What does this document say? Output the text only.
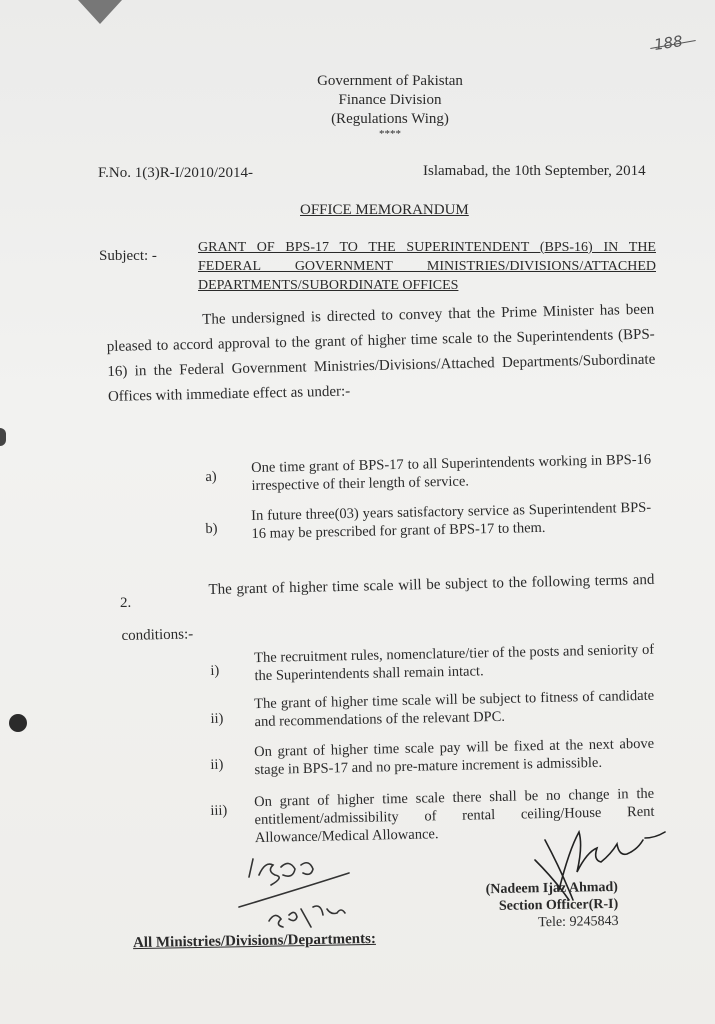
188
Government of Pakistan
Finance Division
(Regulations Wing)
****
F.No. 1(3)R-I/2010/2014-	Islamabad, the 10th September, 2014
OFFICE MEMORANDUM
Subject: -
GRANT OF BPS-17 TO THE SUPERINTENDENT (BPS-16) IN THE FEDERAL GOVERNMENT MINISTRIES/DIVISIONS/ATTACHED DEPARTMENTS/SUBORDINATE OFFICES
The undersigned is directed to convey that the Prime Minister has been pleased to accord approval to the grant of higher time scale to the Superintendents (BPS-16) in the Federal Government Ministries/Divisions/Attached Departments/Subordinate Offices with immediate effect as under:-
a)
One time grant of BPS-17 to all Superintendents working in BPS-16 irrespective of their length of service.
b)
In future three(03) years satisfactory service as Superintendent BPS-16 may be prescribed for grant of BPS-17 to them.
2.
The grant of higher time scale will be subject to the following terms and conditions:-
i)
The recruitment rules, nomenclature/tier of the posts and seniority of the Superintendents shall remain intact.
ii)
The grant of higher time scale will be subject to fitness of candidate and recommendations of the relevant DPC.
ii)
On grant of higher time scale pay will be fixed at the next above stage in BPS-17 and no pre-mature increment is admissible.
iii)
On grant of higher time scale there shall be no change in the entitlement/admissibility of rental ceiling/House Rent Allowance/Medical Allowance.
(Nadeem Ijaz Ahmad)
Section Officer(R-I)
Tele: 9245843
All Ministries/Divisions/Departments:
